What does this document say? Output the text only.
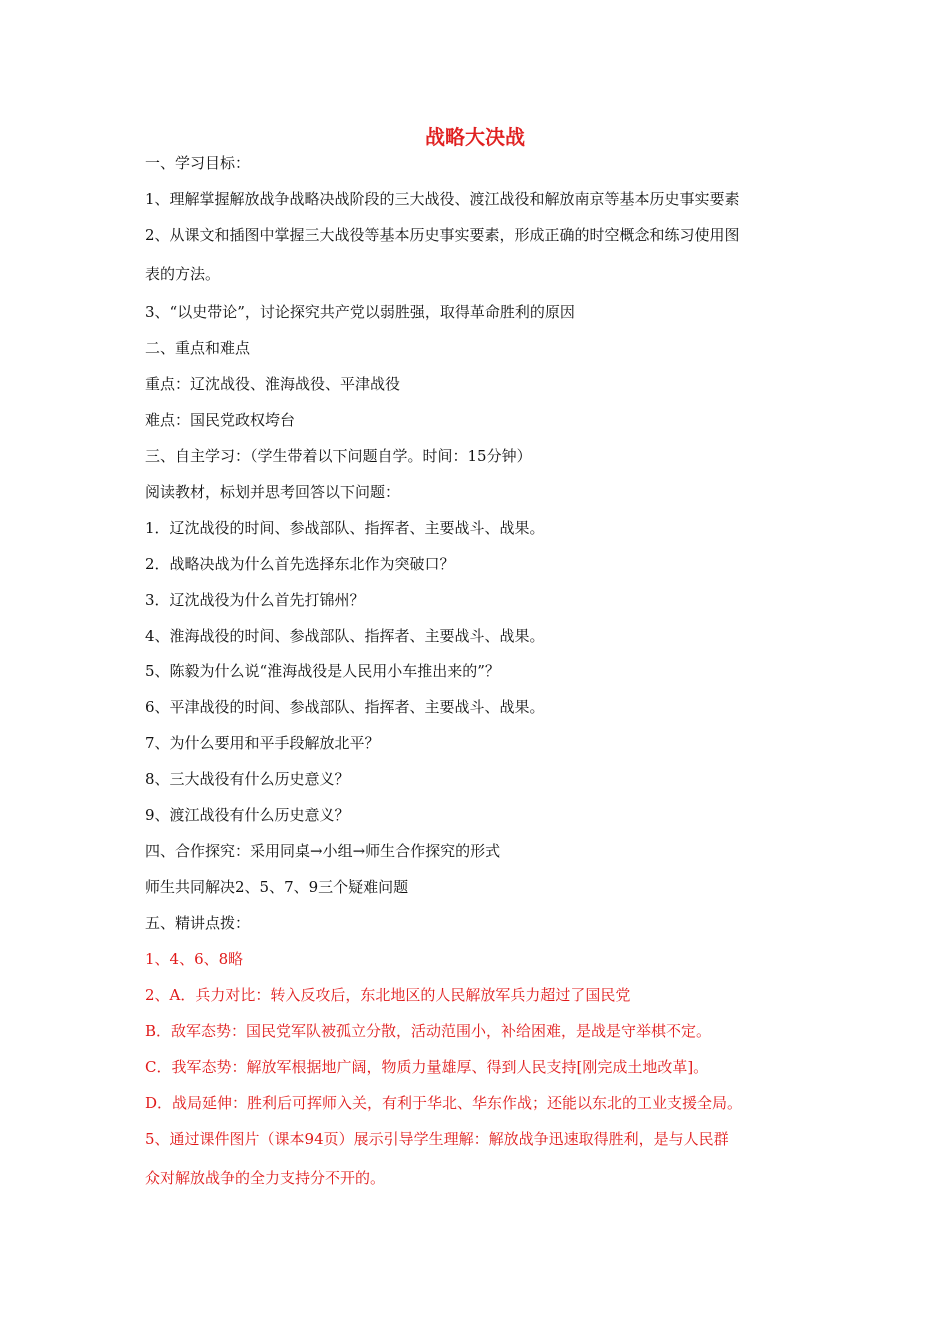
战略大决战
一、学习目标：
1、理解掌握解放战争战略决战阶段的三大战役、渡江战役和解放南京等基本历史事实要素
2、从课文和插图中掌握三大战役等基本历史事实要素，形成正确的时空概念和练习使用图
表的方法。
3、“以史带论”，讨论探究共产党以弱胜强，取得革命胜利的原因
二、重点和难点
重点：辽沈战役、淮海战役、平津战役
难点：国民党政权垮台
三、自主学习：（学生带着以下问题自学。时间：15分钟）
阅读教材，标划并思考回答以下问题：
1．辽沈战役的时间、参战部队、指挥者、主要战斗、战果。
2．战略决战为什么首先选择东北作为突破口？
3．辽沈战役为什么首先打锦州？
4、淮海战役的时间、参战部队、指挥者、主要战斗、战果。
5、陈毅为什么说“淮海战役是人民用小车推出来的”？
6、平津战役的时间、参战部队、指挥者、主要战斗、战果。
7、为什么要用和平手段解放北平？
8、三大战役有什么历史意义？
9、渡江战役有什么历史意义？
四、合作探究：采用同桌→小组→师生合作探究的形式
师生共同解决2、5、7、9三个疑难问题
五、精讲点拨：
1、4、6、8略
2、A．兵力对比：转入反攻后，东北地区的人民解放军兵力超过了国民党
B．敌军态势：国民党军队被孤立分散，活动范围小，补给困难，是战是守举棋不定。
C．我军态势：解放军根据地广阔，物质力量雄厚、得到人民支持[刚完成土地改革]。
D．战局延伸：胜利后可挥师入关，有利于华北、华东作战；还能以东北的工业支援全局。
5、通过课件图片（课本94页）展示引导学生理解：解放战争迅速取得胜利，是与人民群
众对解放战争的全力支持分不开的。
